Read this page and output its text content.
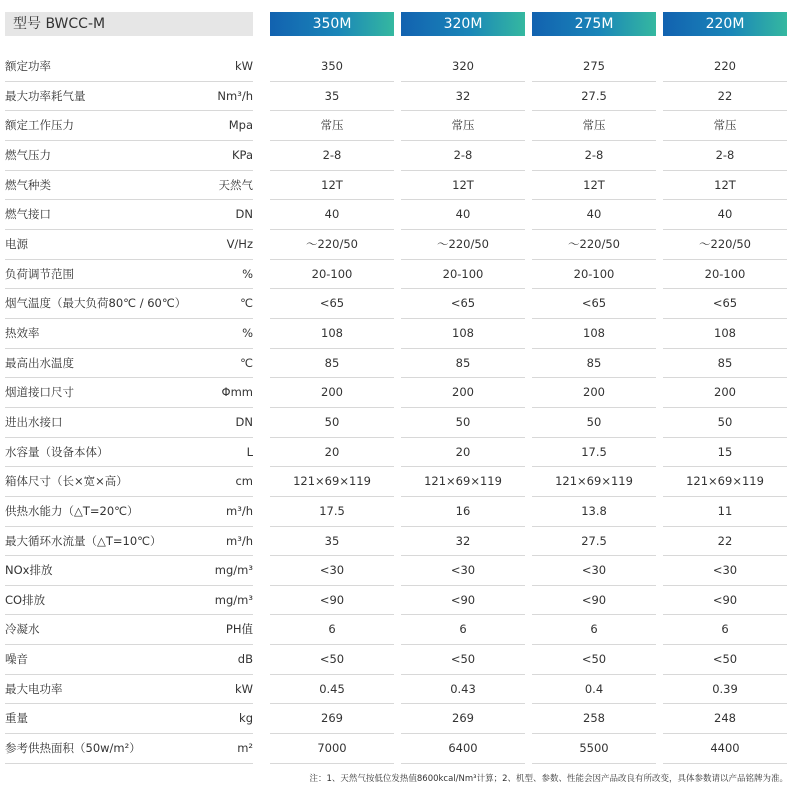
型号 BWCC-M	350M	320M	275M	220M
额定功率	kW	350	320	275	220
最大功率耗气量	Nm³/h	35	32	27.5	22
额定工作压力	Mpa	常压	常压	常压	常压
燃气压力	KPa	2-8	2-8	2-8	2-8
燃气种类	天然气	12T	12T	12T	12T
燃气接口	DN	40	40	40	40
电源	V/Hz	～220/50	～220/50	～220/50	～220/50
负荷调节范围	%	20-100	20-100	20-100	20-100
烟气温度（最大负荷80℃ / 60℃）	℃	<65	<65	<65	<65
热效率	%	108	108	108	108
最高出水温度	℃	85	85	85	85
烟道接口尺寸	Φmm	200	200	200	200
进出水接口	DN	50	50	50	50
水容量（设备本体）	L	20	20	17.5	15
箱体尺寸（长×宽×高）	cm	121×69×119	121×69×119	121×69×119	121×69×119
供热水能力（△T=20℃）	m³/h	17.5	16	13.8	11
最大循环水流量（△T=10℃）	m³/h	35	32	27.5	22
NOx排放	mg/m³	<30	<30	<30	<30
CO排放	mg/m³	<90	<90	<90	<90
冷凝水	PH值	6	6	6	6
噪音	dB	<50	<50	<50	<50
最大电功率	kW	0.45	0.43	0.4	0.39
重量	kg	269	269	258	248
参考供热面积（50w/m²）	m²	7000	6400	5500	4400
注：1、天然气按低位发热值8600kcal/Nm³计算；2、机型、参数、性能会因产品改良有所改变，具体参数请以产品铭牌为准。
